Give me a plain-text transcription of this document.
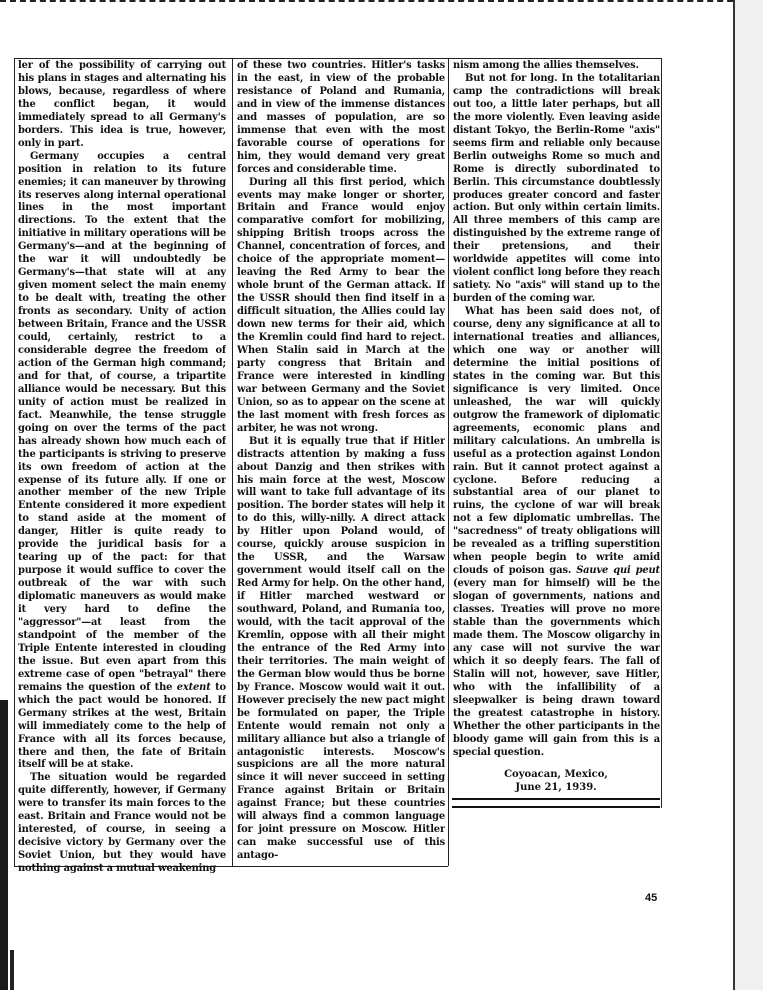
ler of the possibility of carrying out his plans in stages and alternating his blows, because, regardless of where the conflict began, it would immediately spread to all Germany's borders. This idea is true, however, only in part.

Germany occupies a central position in relation to its future enemies; it can maneuver by throwing its reserves along internal operational lines in the most important directions. To the extent that the initiative in military operations will be Germany's—and at the beginning of the war it will undoubtedly be Germany's—that state will at any given moment select the main enemy to be dealt with, treating the other fronts as secondary. Unity of action between Britain, France and the USSR could, certainly, restrict to a considerable degree the freedom of action of the German high command; and for that, of course, a tripartite alliance would be necessary. But this unity of action must be realized in fact. Meanwhile, the tense struggle going on over the terms of the pact has already shown how much each of the participants is striving to preserve its own freedom of action at the expense of its future ally. If one or another member of the new Triple Entente considered it more expedient to stand aside at the moment of danger, Hitler is quite ready to provide the juridical basis for a tearing up of the pact: for that purpose it would suffice to cover the outbreak of the war with such diplomatic maneuvers as would make it very hard to define the "aggressor"—at least from the standpoint of the member of the Triple Entente interested in clouding the issue. But even apart from this extreme case of open "betrayal" there remains the question of the extent to which the pact would be honored. If Germany strikes at the west, Britain will immediately come to the help of France with all its forces because, there and then, the fate of Britain itself will be at stake.

The situation would be regarded quite differently, however, if Germany were to transfer its main forces to the east. Britain and France would not be interested, of course, in seeing a decisive victory by Germany over the Soviet Union, but they would have nothing against a mutual weakening

of these two countries. Hitler's tasks in the east, in view of the probable resistance of Poland and Rumania, and in view of the immense distances and masses of population, are so immense that even with the most favorable course of operations for him, they would demand very great forces and considerable time.

During all this first period, which events may make longer or shorter, Britain and France would enjoy comparative comfort for mobilizing, shipping British troops across the Channel, concentration of forces, and choice of the appropriate moment—leaving the Red Army to bear the whole brunt of the German attack. If the USSR should then find itself in a difficult situation, the Allies could lay down new terms for their aid, which the Kremlin could find hard to reject. When Stalin said in March at the party congress that Britain and France were interested in kindling war between Germany and the Soviet Union, so as to appear on the scene at the last moment with fresh forces as arbiter, he was not wrong.

But it is equally true that if Hitler distracts attention by making a fuss about Danzig and then strikes with his main force at the west, Moscow will want to take full advantage of its position. The border states will help it to do this, willy-nilly. A direct attack by Hitler upon Poland would, of course, quickly arouse suspicion in the USSR, and the Warsaw government would itself call on the Red Army for help. On the other hand, if Hitler marched westward or southward, Poland, and Rumania too, would, with the tacit approval of the Kremlin, oppose with all their might the entrance of the Red Army into their territories. The main weight of the German blow would thus be borne by France. Moscow would wait it out. However precisely the new pact might be formulated on paper, the Triple Entente would remain not only a military alliance but also a triangle of antagonistic interests. Moscow's suspicions are all the more natural since it will never succeed in setting France against Britain or Britain against France; but these countries will always find a common language for joint pressure on Moscow. Hitler can make successful use of this antago-

nism among the allies themselves.

But not for long. In the totalitarian camp the contradictions will break out too, a little later perhaps, but all the more violently. Even leaving aside distant Tokyo, the Berlin-Rome "axis" seems firm and reliable only because Berlin outweighs Rome so much and Rome is directly subordinated to Berlin. This circumstance doubtlessly produces greater concord and faster action. But only within certain limits. All three members of this camp are distinguished by the extreme range of their pretensions, and their worldwide appetites will come into violent conflict long before they reach satiety. No "axis" will stand up to the burden of the coming war.

What has been said does not, of course, deny any significance at all to international treaties and alliances, which one way or another will determine the initial positions of states in the coming war. But this significance is very limited. Once unleashed, the war will quickly outgrow the framework of diplomatic agreements, economic plans and military calculations. An umbrella is useful as a protection against London rain. But it cannot protect against a cyclone. Before reducing a substantial area of our planet to ruins, the cyclone of war will break not a few diplomatic umbrellas. The "sacredness" of treaty obligations will be revealed as a trifling superstition when people begin to write amid clouds of poison gas. Sauve qui peut (every man for himself) will be the slogan of governments, nations and classes. Treaties will prove no more stable than the governments which made them. The Moscow oligarchy in any case will not survive the war which it so deeply fears. The fall of Stalin will not, however, save Hitler, who with the infallibility of a sleepwalker is being drawn toward the greatest catastrophe in history. Whether the other participants in the bloody game will gain from this is a special question.

Coyoacan, Mexico,
June 21, 1939.
45
